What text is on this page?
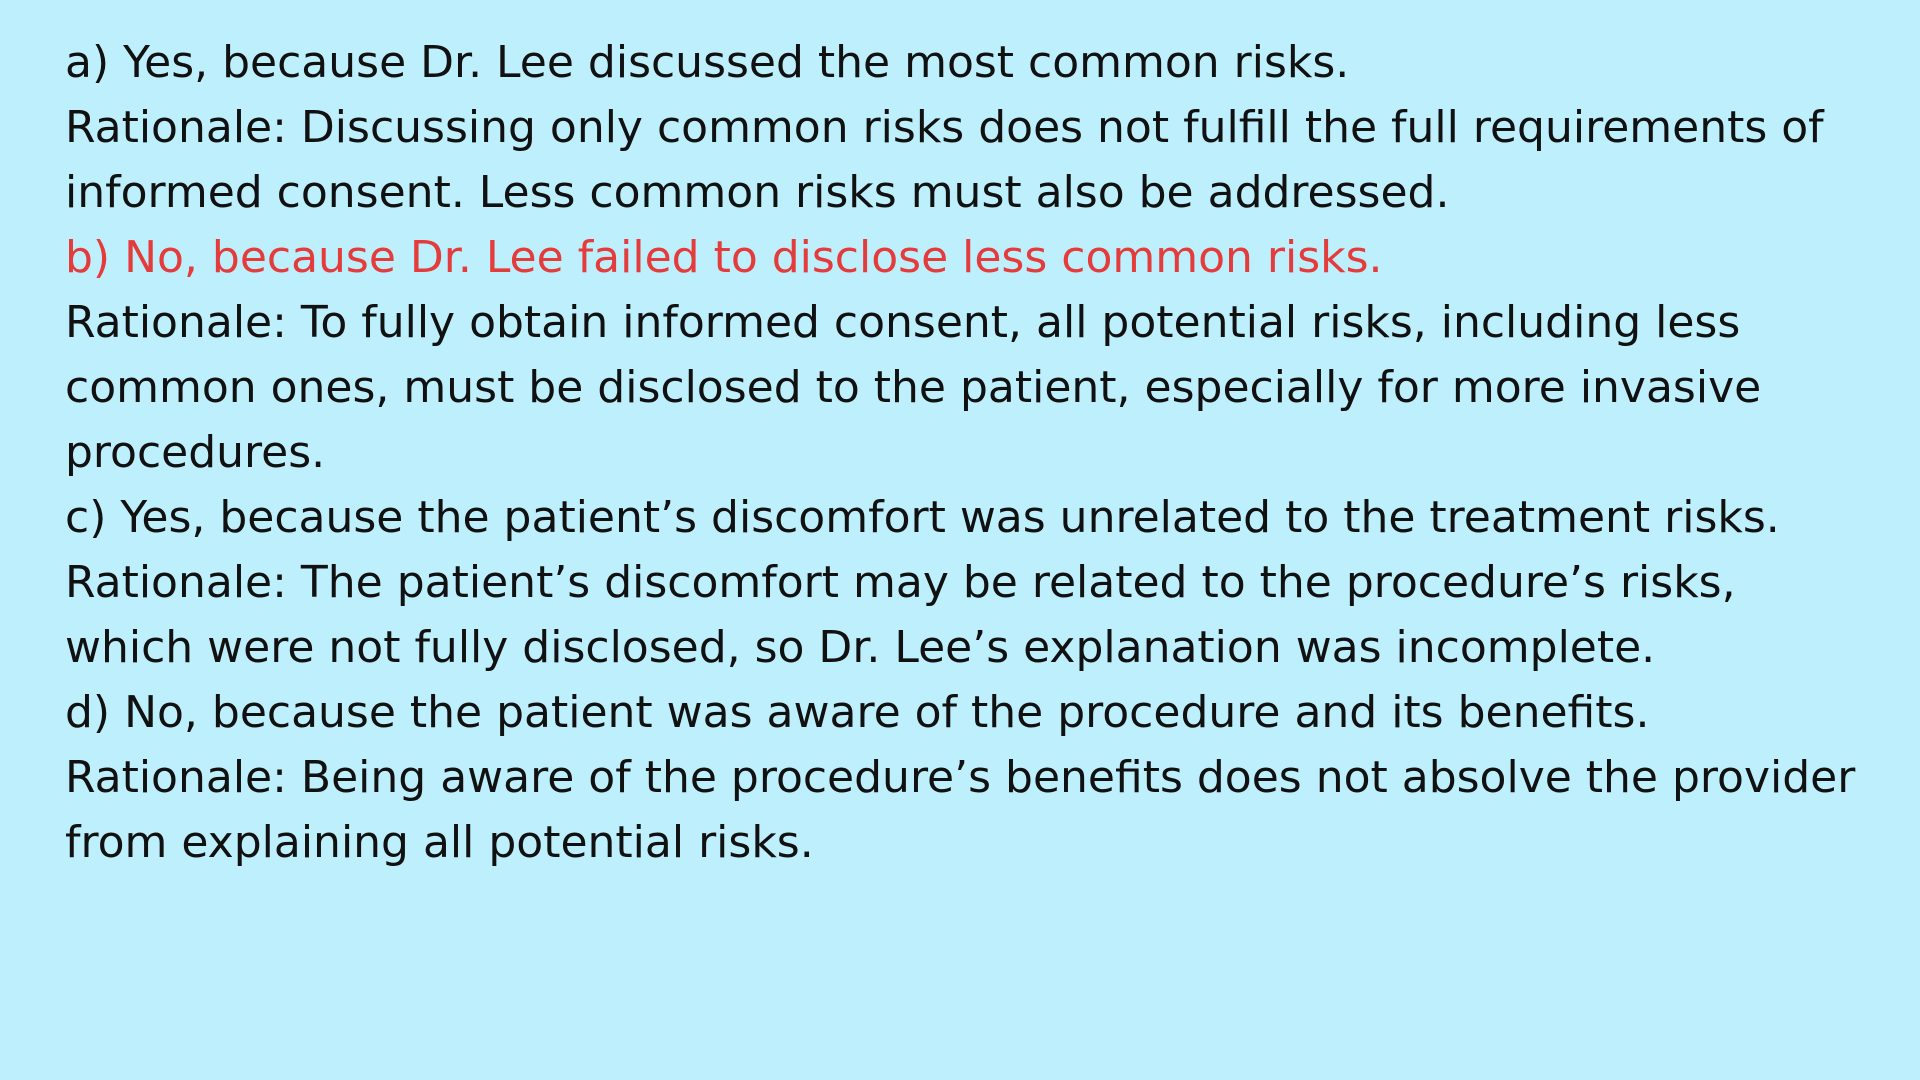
a) Yes, because Dr. Lee discussed the most common risks.
Rationale: Discussing only common risks does not fulfill the full requirements of informed consent. Less common risks must also be addressed.
b) No, because Dr. Lee failed to disclose less common risks.
Rationale: To fully obtain informed consent, all potential risks, including less common ones, must be disclosed to the patient, especially for more invasive procedures.
c) Yes, because the patient’s discomfort was unrelated to the treatment risks.
Rationale: The patient’s discomfort may be related to the procedure’s risks, which were not fully disclosed, so Dr. Lee’s explanation was incomplete.
d) No, because the patient was aware of the procedure and its benefits.
Rationale: Being aware of the procedure’s benefits does not absolve the provider from explaining all potential risks.
